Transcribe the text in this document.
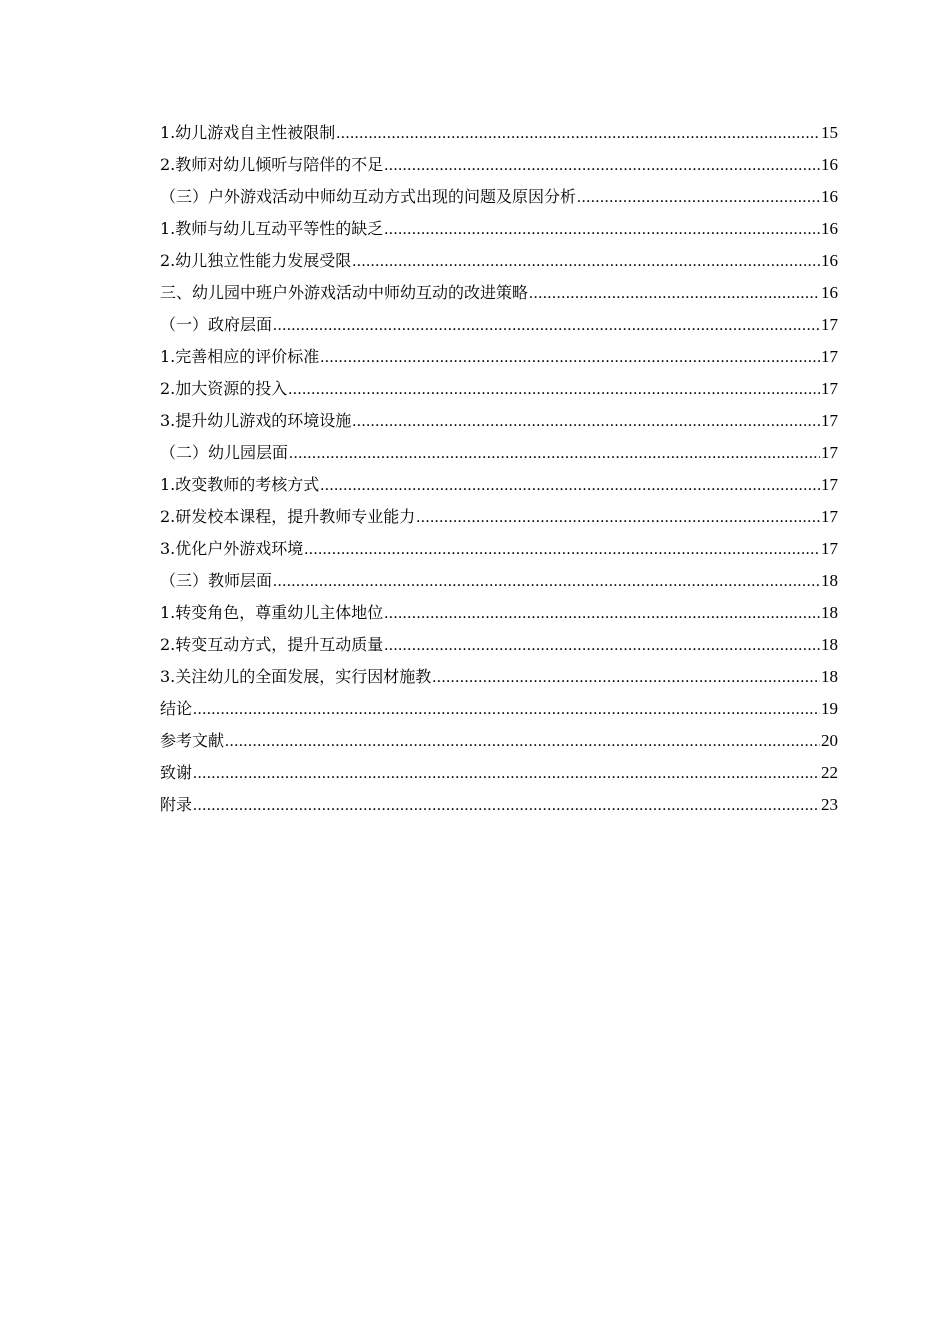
1.幼儿游戏自主性被限制 .....	15
2.教师对幼儿倾听与陪伴的不足 .....	16
（三）户外游戏活动中师幼互动方式出现的问题及原因分析 .....	16
1.教师与幼儿互动平等性的缺乏 .....	16
2.幼儿独立性能力发展受限 .....	16
三、幼儿园中班户外游戏活动中师幼互动的改进策略 .....	16
（一）政府层面 .....	17
1.完善相应的评价标准 .....	17
2.加大资源的投入 .....	17
3.提升幼儿游戏的环境设施 .....	17
（二）幼儿园层面 .....	17
1.改变教师的考核方式 .....	17
2.研发校本课程，提升教师专业能力 .....	17
3.优化户外游戏环境 .....	17
（三）教师层面 .....	18
1.转变角色，尊重幼儿主体地位 .....	18
2.转变互动方式，提升互动质量 .....	18
3.关注幼儿的全面发展，实行因材施教 .....	18
结论 .....	19
参考文献 .....	20
致谢 .....	22
附录 .....	23
